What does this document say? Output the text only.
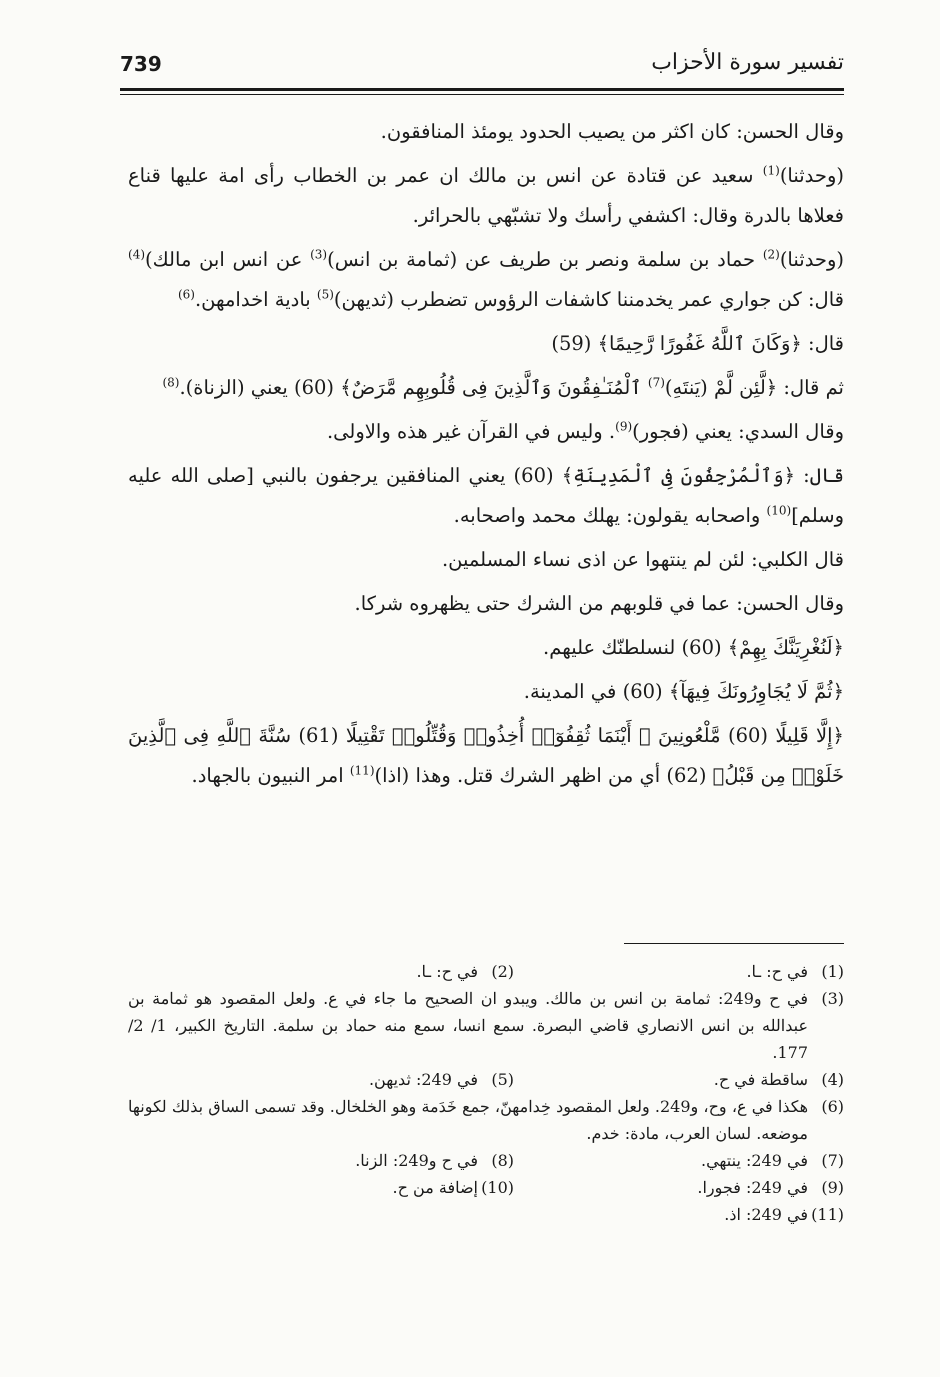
739	تفسير سورة الأحزاب

وقال الحسن: كان اكثر من يصيب الحدود يومئذ المنافقون.

(وحدثنا)$^{(1)}$ سعيد عن قتادة عن انس بن مالك ان عمر بن الخطاب رأى امة عليها قناع فعلاها بالدرة وقال: اكشفي رأسك ولا تشبّهي بالحرائر.

(وحدثنا)$^{(2)}$ حماد بن سلمة ونصر بن طريف عن (ثمامة بن انس)$^{(3)}$ عن انس ابن مالك)$^{(4)}$ قال: كن جواري عمر يخدمننا كاشفات الرؤوس تضطرب (ثديهن)$^{(5)}$ بادية اخدامهن.$^{(6)}$

قال: ﴿وَكَانَ ٱللَّهُ غَفُورًا رَّحِيمًا﴾ (59)

ثم قال: ﴿لَّئِن لَّمْ (يَنتَهِ)$^{(7)}$ ٱلْمُنَـٰفِقُونَ وَٱلَّذِينَ فِى قُلُوبِهِم مَّرَضٌ﴾ (60) يعني (الزناة).$^{(8)}$

وقال السدي: يعني (فجور)$^{(9)}$. وليس في القرآن غير هذه والاولى.

قال: ﴿وَٱلْمُرْجِفُونَ فِى ٱلْمَدِينَةِ﴾ (60) يعني المنافقين يرجفون بالنبي [صلى الله عليه وسلم]$^{(10)}$ واصحابه يقولون: يهلك محمد واصحابه.

قال الكلبي: لئن لم ينتهوا عن اذى نساء المسلمين.

وقال الحسن: عما في قلوبهم من الشرك حتى يظهروه شركا.

﴿لَنُغْرِيَنَّكَ بِهِمْ﴾ (60) لنسلطنّك عليهم.

﴿ثُمَّ لَا يُجَاوِرُونَكَ فِيهَآ﴾ (60) في المدينة.

﴿إِلَّا قَلِيلًا (60) مَّلْعُونِينَ ۖ أَيْنَمَا ثُقِفُوٓا۟ أُخِذُوا۟ وَقُتِّلُوا۟ تَقْتِيلًا (61) سُنَّةَ ٱللَّهِ فِى ٱلَّذِينَ خَلَوْا۟ مِن قَبْلُ﴾ (62) أي من اظهر الشرك قتل. وهذا (اذا)$^{(11)}$ امر النبيون بالجهاد.

(1)
في ح: ـا.
(2)
في ح: ـا.
(3)
في ح و249: ثمامة بن انس بن مالك. ويبدو ان الصحيح ما جاء في ع. ولعل المقصود هو ثمامة بن عبدالله بن انس الانصاري قاضي البصرة. سمع انسا، سمع منه حماد بن سلمة. التاريخ الكبير، 1/ 2/ 177.
(4)
ساقطة في ح.
(5)
في 249: ثديهن.
(6)
هكذا في ع، وح، و249. ولعل المقصود خِدامهنّ، جمع خَدَمة وهو الخلخال. وقد تسمى الساق بذلك لكونها موضعه. لسان العرب، مادة: خدم.
(7)
في 249: ينتهي.
(8)
في ح و249: الزنا.
(9)
في 249: فجورا.
(10)
إضافة من ح.
(11)
في 249: اذ.
